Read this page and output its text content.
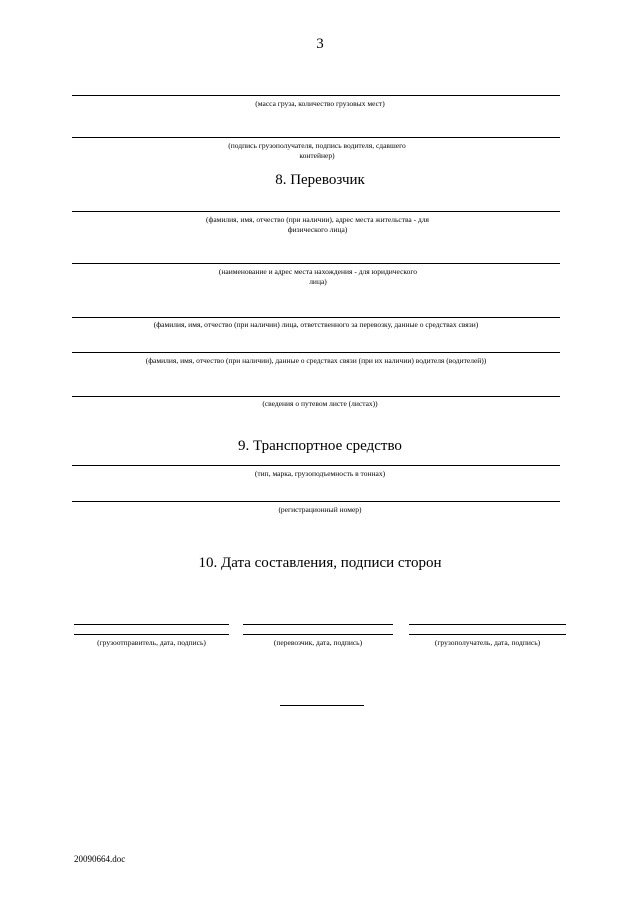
3
(масса груза, количество грузовых мест)
(подпись грузополучателя, подпись водителя, сдавшего контейнер)
8. Перевозчик
(фамилия, имя, отчество (при наличии), адрес места жительства - для физического лица)
(наименование и адрес места нахождения - для юридического лица)
(фамилия, имя, отчество (при наличии) лица, ответственного за перевозку, данные о средствах связи)
(фамилия, имя, отчество (при наличии), данные о средствах связи (при их наличии) водителя (водителей))
(сведения о путевом листе (листах))
9. Транспортное средство
(тип, марка, грузоподъемность в тоннах)
(регистрационный номер)
10. Дата составления, подписи сторон
(грузоотправитель, дата, подпись)	(перевозчик, дата, подпись)	(грузополучатель, дата, подпись)
20090664.doc
